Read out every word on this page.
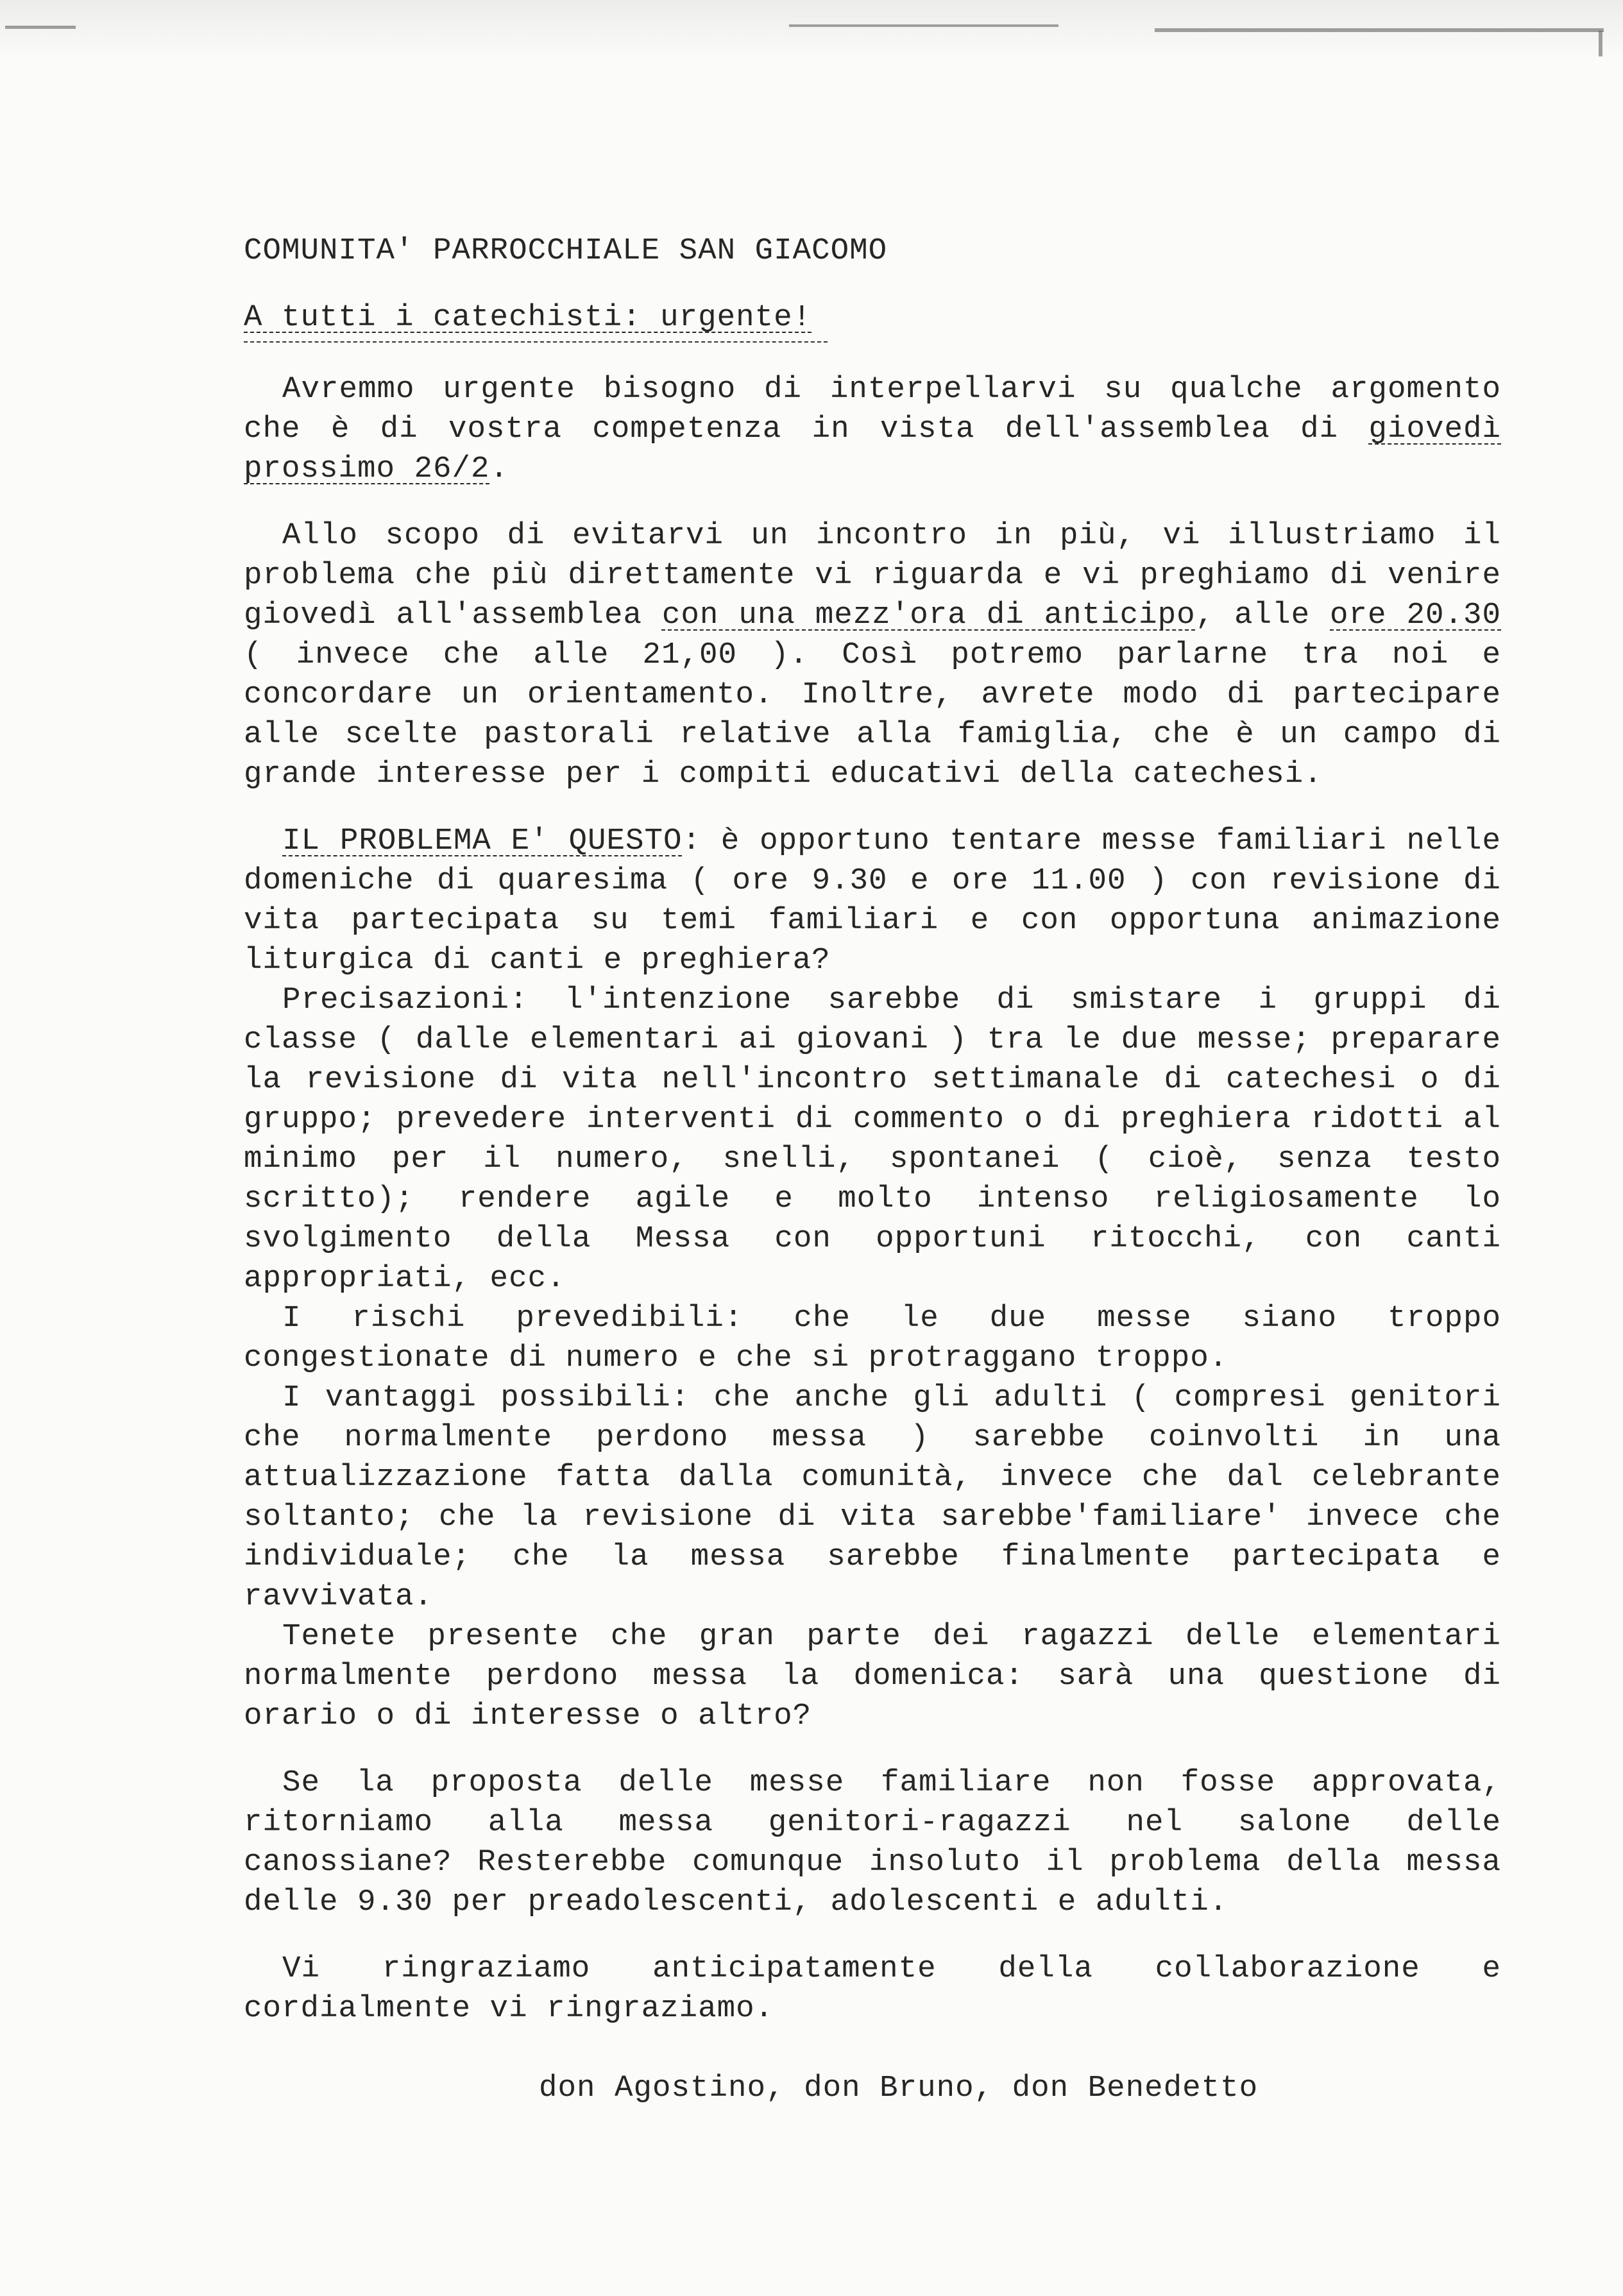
COMUNITA' PARROCCHIALE SAN GIACOMO

A tutti i catechisti: urgente!

Avremmo urgente bisogno di interpellarvi su qualche argomento che è di vostra competenza in vista dell'assemblea di giovedì prossimo 26/2.

Allo scopo di evitarvi un incontro in più, vi illustriamo il problema che più direttamente vi riguarda e vi preghiamo di venire giovedì all'assemblea con una mezz'ora di anticipo, alle ore 20.30 ( invece che alle 21,00 ). Così potremo parlarne tra noi e concordare un orientamento. Inoltre, avrete modo di partecipare alle scelte pastorali relative alla famiglia, che è un campo di grande interesse per i compiti educativi della catechesi.

IL PROBLEMA E' QUESTO: è opportuno tentare messe familiari nelle domeniche di quaresima ( ore 9.30 e ore 11.00 ) con revisione di vita partecipata su temi familiari e con opportuna animazione liturgica di canti e preghiera?

Precisazioni: l'intenzione sarebbe di smistare i gruppi di classe ( dalle elementari ai giovani ) tra le due messe; preparare la revisione di vita nell'incontro settimanale di catechesi o di gruppo; prevedere interventi di commento o di preghiera ridotti al minimo per il numero, snelli, spontanei ( cioè, senza testo scritto); rendere agile e molto intenso religiosamente lo svolgimento della Messa con opportuni ritocchi, con canti appropriati, ecc.

I rischi prevedibili: che le due messe siano troppo congestionate di numero e che si protraggano troppo.

I vantaggi possibili: che anche gli adulti ( compresi genitori che normalmente perdono messa ) sarebbe coinvolti in una attualizzazione fatta dalla comunità, invece che dal celebrante soltanto; che la revisione di vita sarebbe'familiare' invece che individuale; che la messa sarebbe finalmente partecipata e ravvivata.

Tenete presente che gran parte dei ragazzi delle elementari normalmente perdono messa la domenica: sarà una questione di orario o di interesse o altro?

Se la proposta delle messe familiare non fosse approvata, ritorniamo alla messa genitori-ragazzi nel salone delle canossiane? Resterebbe comunque insoluto il problema della messa delle 9.30 per preadolescenti, adolescenti e adulti.

Vi ringraziamo anticipatamente della collaborazione e cordialmente vi ringraziamo.

don Agostino, don Bruno, don Benedetto
